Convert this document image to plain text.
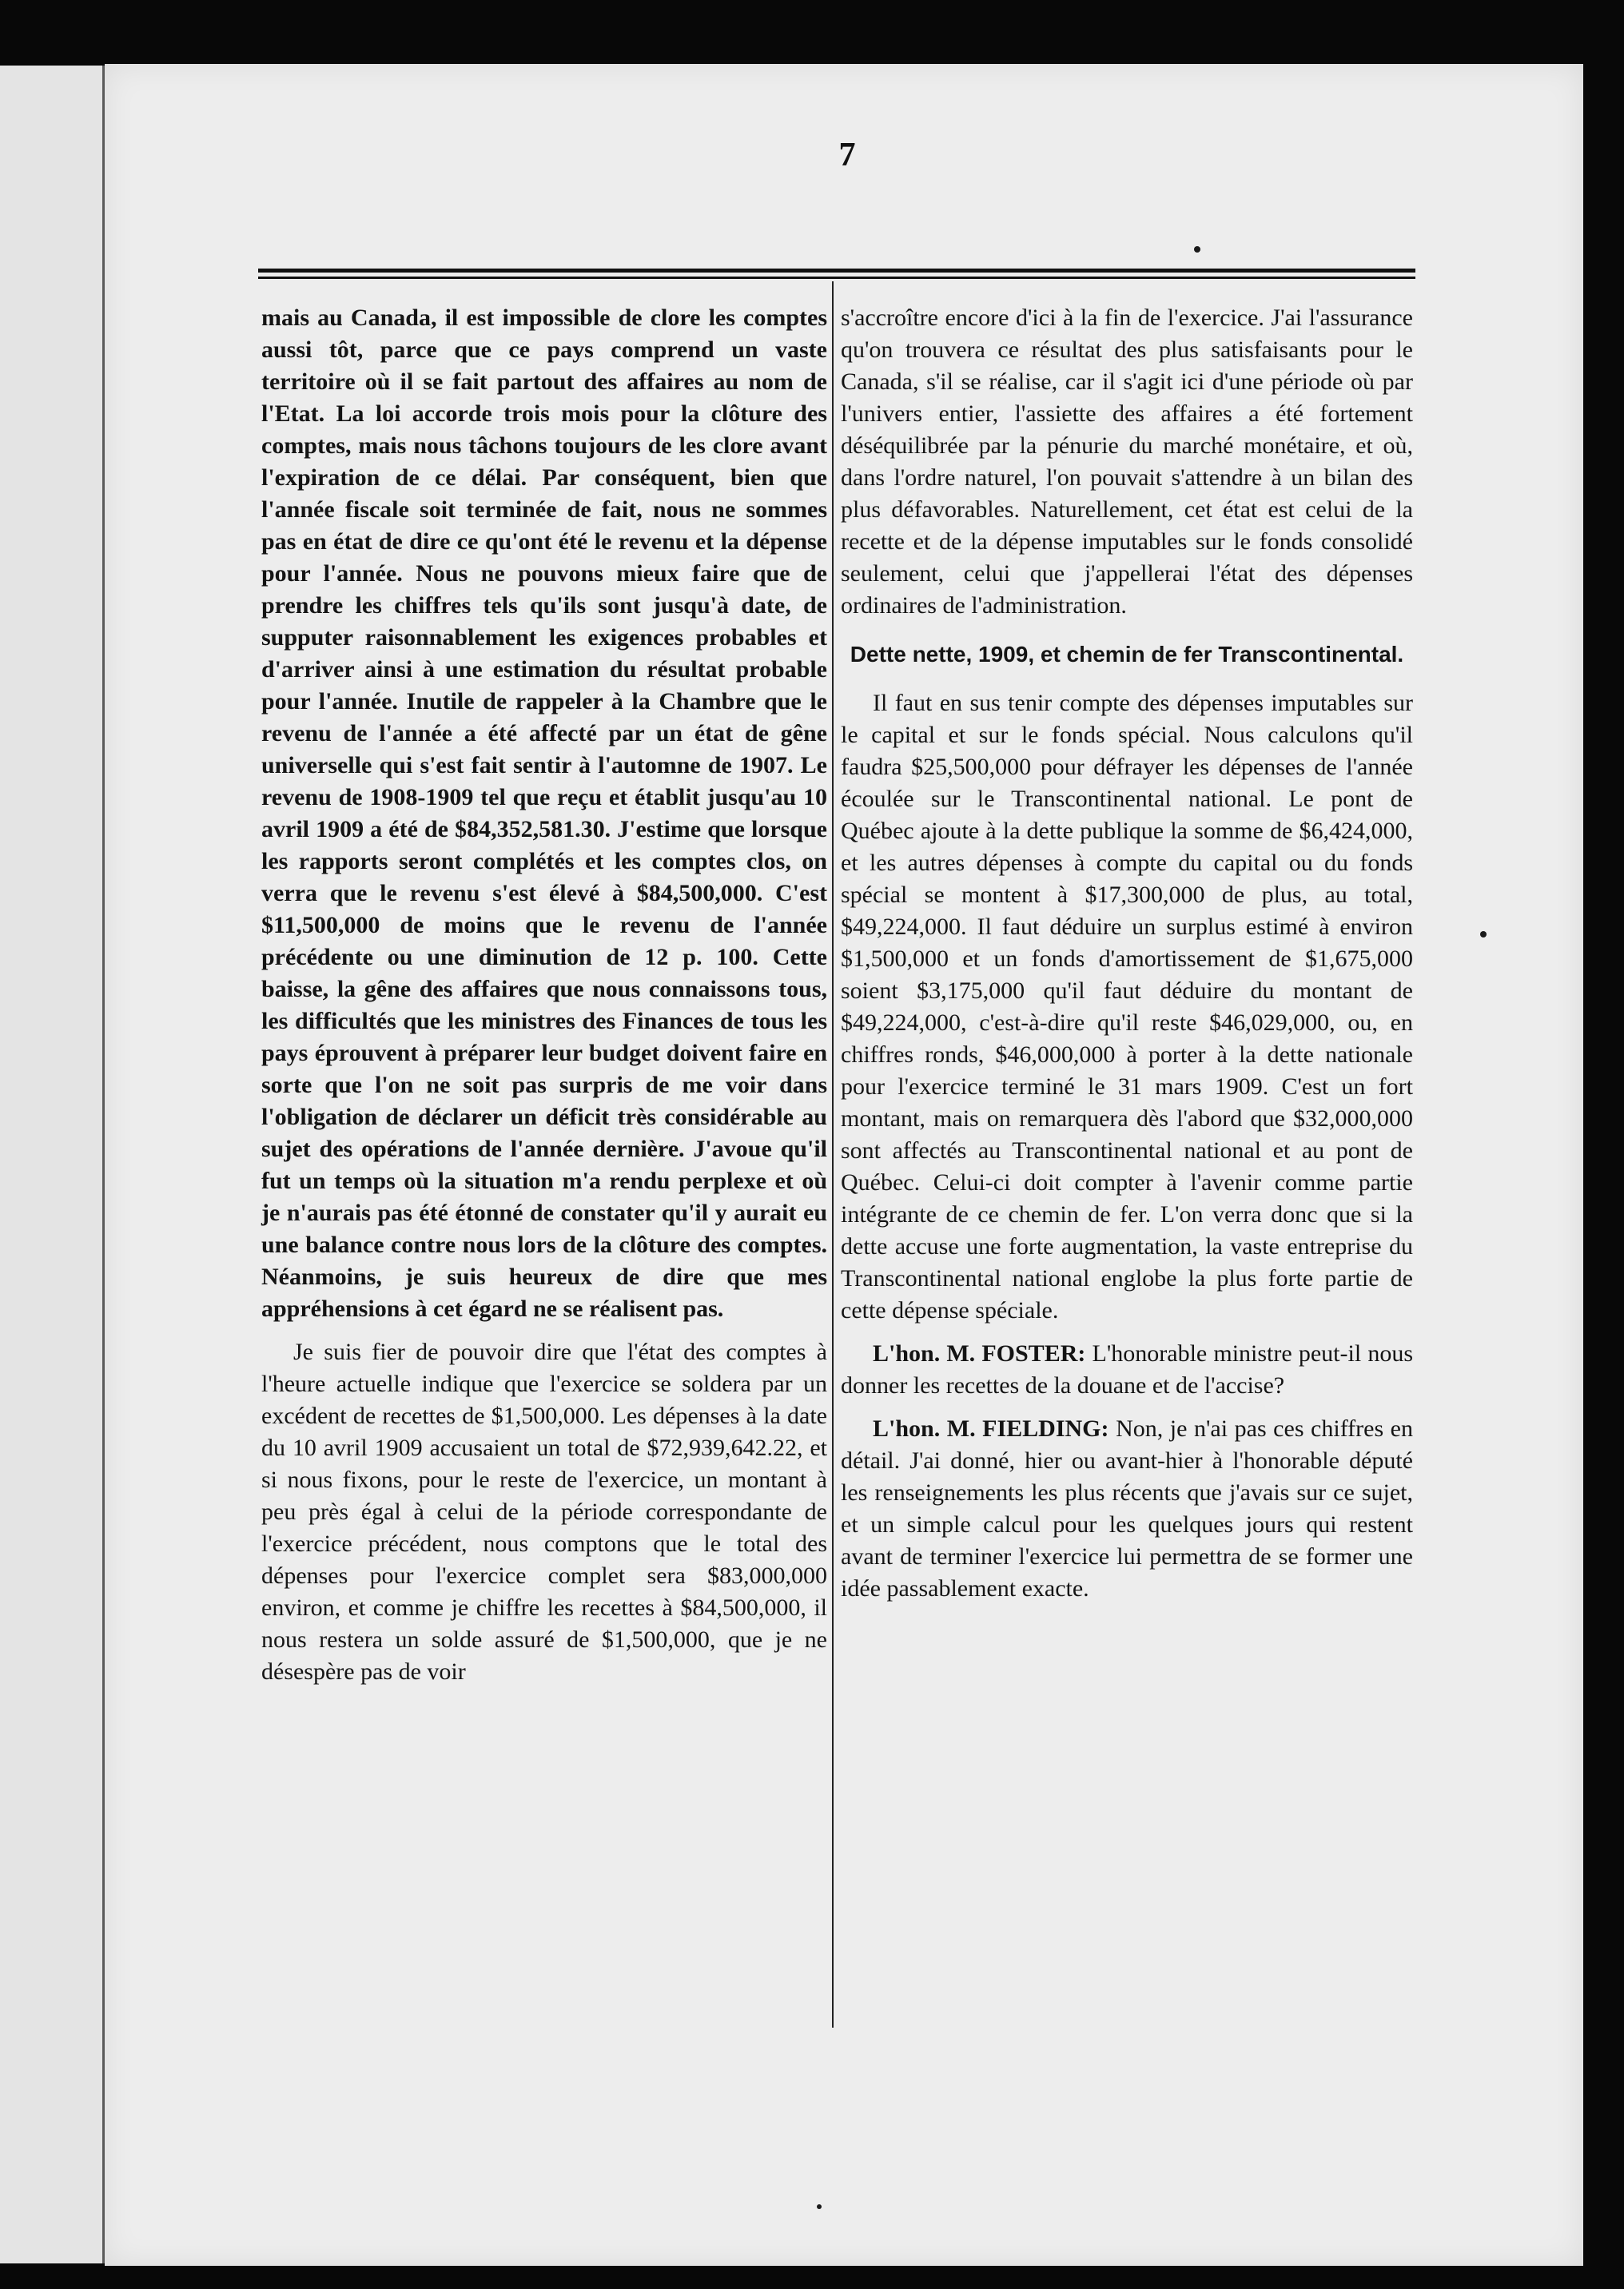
7

mais au Canada, il est impossible de clore les comptes aussi tôt, parce que ce pays comprend un vaste territoire où il se fait partout des affaires au nom de l'Etat. La loi accorde trois mois pour la clôture des comptes, mais nous tâchons toujours de les clore avant l'expiration de ce délai. Par conséquent, bien que l'année fiscale soit terminée de fait, nous ne sommes pas en état de dire ce qu'ont été le revenu et la dépense pour l'année. Nous ne pouvons mieux faire que de prendre les chiffres tels qu'ils sont jusqu'à date, de supputer raisonnablement les exigences probables et d'arriver ainsi à une estimation du résultat probable pour l'année. Inutile de rappeler à la Chambre que le revenu de l'année a été affecté par un état de gêne universelle qui s'est fait sentir à l'automne de 1907. Le revenu de 1908-1909 tel que reçu et établit jusqu'au 10 avril 1909 a été de $84,352,581.30. J'estime que lorsque les rapports seront complétés et les comptes clos, on verra que le revenu s'est élevé à $84,500,000. C'est $11,500,000 de moins que le revenu de l'année précédente ou une diminution de 12 p. 100. Cette baisse, la gêne des affaires que nous connaissons tous, les difficultés que les ministres des Finances de tous les pays éprouvent à préparer leur budget doivent faire en sorte que l'on ne soit pas surpris de me voir dans l'obligation de déclarer un déficit très considérable au sujet des opérations de l'année dernière. J'avoue qu'il fut un temps où la situation m'a rendu perplexe et où je n'aurais pas été étonné de constater qu'il y aurait eu une balance contre nous lors de la clôture des comptes. Néanmoins, je suis heureux de dire que mes appréhensions à cet égard ne se réalisent pas.

Je suis fier de pouvoir dire que l'état des comptes à l'heure actuelle indique que l'exercice se soldera par un excédent de recettes de $1,500,000. Les dépenses à la date du 10 avril 1909 accusaient un total de $72,939,642.22, et si nous fixons, pour le reste de l'exercice, un montant à peu près égal à celui de la période correspondante de l'exercice précédent, nous comptons que le total des dépenses pour l'exercice complet sera $83,000,000 environ, et comme je chiffre les recettes à $84,500,000, il nous restera un solde assuré de $1,500,000, que je ne désespère pas de voir

s'accroître encore d'ici à la fin de l'exercice. J'ai l'assurance qu'on trouvera ce résultat des plus satisfaisants pour le Canada, s'il se réalise, car il s'agit ici d'une période où par l'univers entier, l'assiette des affaires a été fortement déséquilibrée par la pénurie du marché monétaire, et où, dans l'ordre naturel, l'on pouvait s'attendre à un bilan des plus défavorables. Naturellement, cet état est celui de la recette et de la dépense imputables sur le fonds consolidé seulement, celui que j'appellerai l'état des dépenses ordinaires de l'administration.

Dette nette, 1909, et chemin de fer Transcontinental.

Il faut en sus tenir compte des dépenses imputables sur le capital et sur le fonds spécial. Nous calculons qu'il faudra $25,500,000 pour défrayer les dépenses de l'année écoulée sur le Transcontinental national. Le pont de Québec ajoute à la dette publique la somme de $6,424,000, et les autres dépenses à compte du capital ou du fonds spécial se montent à $17,300,000 de plus, au total, $49,224,000. Il faut déduire un surplus estimé à environ $1,500,000 et un fonds d'amortissement de $1,675,000 soient $3,175,000 qu'il faut déduire du montant de $49,224,000, c'est-à-dire qu'il reste $46,029,000, ou, en chiffres ronds, $46,000,000 à porter à la dette nationale pour l'exercice terminé le 31 mars 1909. C'est un fort montant, mais on remarquera dès l'abord que $32,000,000 sont affectés au Transcontinental national et au pont de Québec. Celui-ci doit compter à l'avenir comme partie intégrante de ce chemin de fer. L'on verra donc que si la dette accuse une forte augmentation, la vaste entreprise du Transcontinental national englobe la plus forte partie de cette dépense spéciale.

L'hon. M. FOSTER: L'honorable ministre peut-il nous donner les recettes de la douane et de l'accise?

L'hon. M. FIELDING: Non, je n'ai pas ces chiffres en détail. J'ai donné, hier ou avant-hier à l'honorable député les renseignements les plus récents que j'avais sur ce sujet, et un simple calcul pour les quelques jours qui restent avant de terminer l'exercice lui permettra de se former une idée passablement exacte.
